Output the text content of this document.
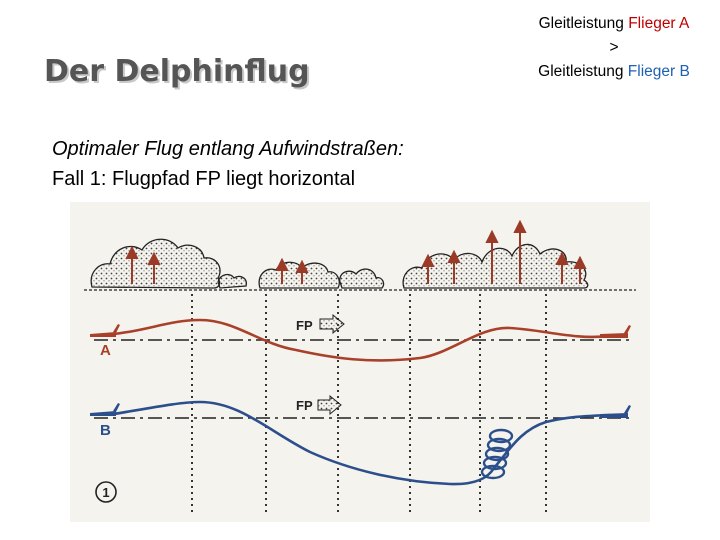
Der Delphinflug
Gleitleistung Flieger A
>
Gleitleistung Flieger B
Optimaler Flug entlang Aufwindstraßen:
Fall 1: Flugpfad FP liegt horizontal
A
FP
B
FP
1
